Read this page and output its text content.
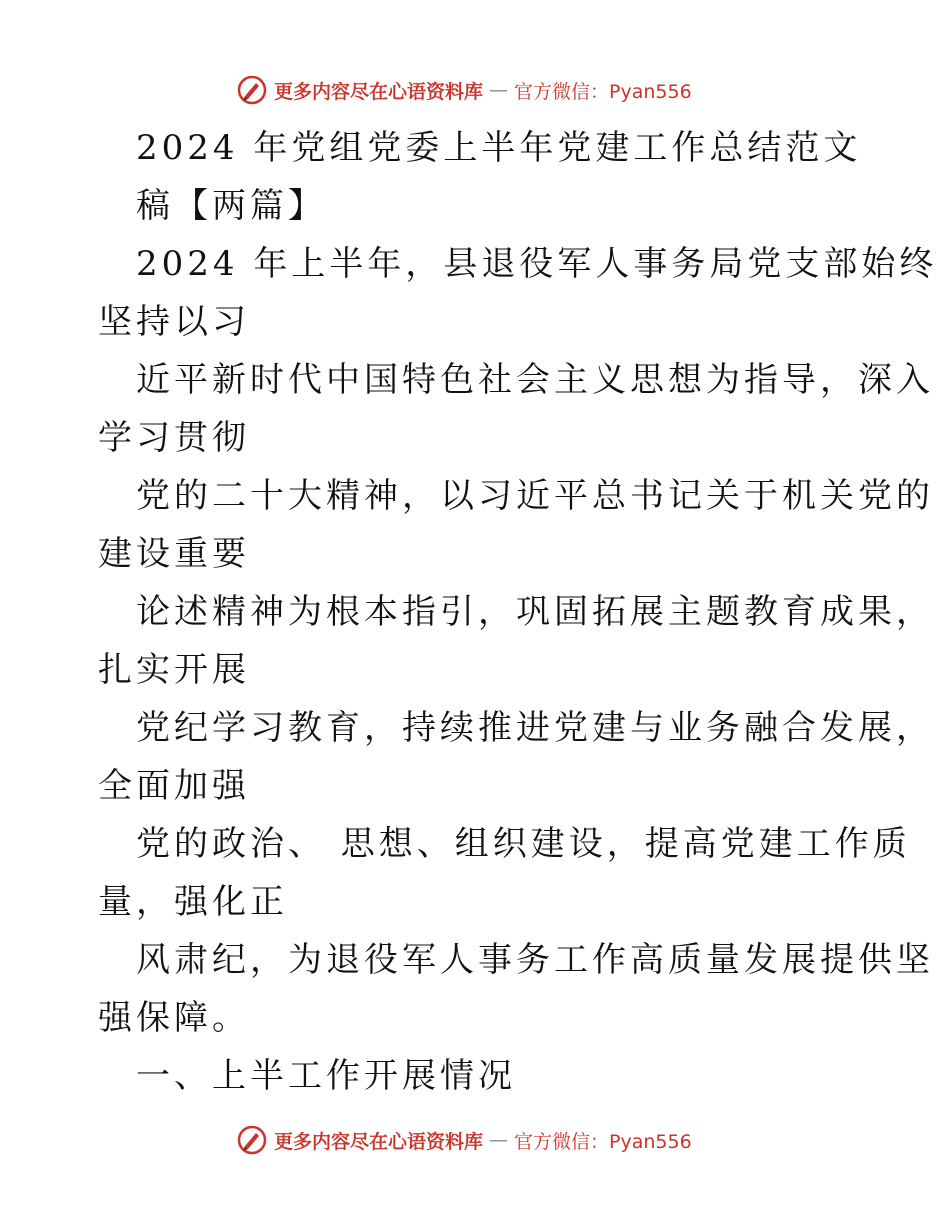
更多内容尽在心语资料库 — 官方微信：Pyan556
2024 年党组党委上半年党建工作总结范文
稿【两篇】
2024 年上半年，县退役军人事务局党支部始终
坚持以习
近平新时代中国特色社会主义思想为指导，深入
学习贯彻
党的二十大精神，以习近平总书记关于机关党的
建设重要
论述精神为根本指引，巩固拓展主题教育成果，
扎实开展
党纪学习教育，持续推进党建与业务融合发展，
全面加强
党的政治、 思想、组织建设，提高党建工作质
量，强化正
风肃纪，为退役军人事务工作高质量发展提供坚
强保障。
一、上半工作开展情况
更多内容尽在心语资料库 — 官方微信：Pyan556
